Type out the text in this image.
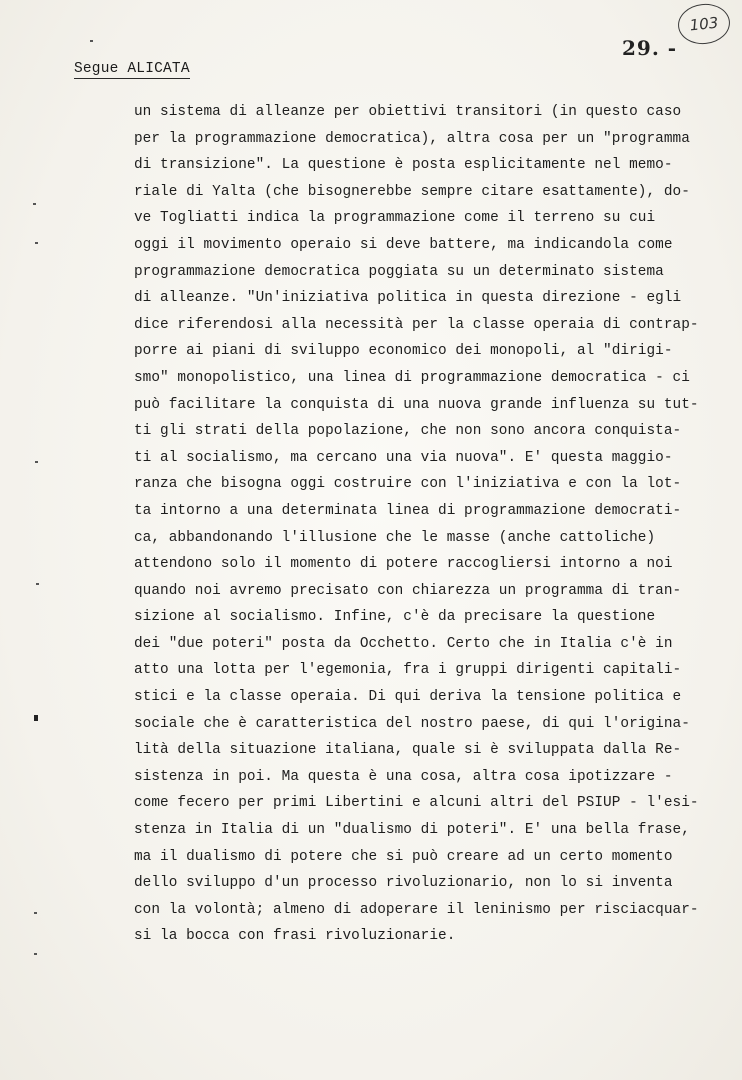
103
29. -
Segue ALICATA
un sistema di alleanze per obiettivi transitori (in questo caso
per la programmazione democratica), altra cosa per un "programma
di transizione". La questione è posta esplicitamente nel memo-
riale di Yalta (che bisognerebbe sempre citare esattamente), do-
ve Togliatti indica la programmazione come il terreno su cui
oggi il movimento operaio si deve battere, ma indicandola come
programmazione democratica poggiata su un determinato sistema
di alleanze. "Un'iniziativa politica in questa direzione - egli
dice riferendosi alla necessità per la classe operaia di contrap-
porre ai piani di sviluppo economico dei monopoli, al "dirigi-
smo" monopolistico, una linea di programmazione democratica - ci
può facilitare la conquista di una nuova grande influenza su tut-
ti gli strati della popolazione, che non sono ancora conquista-
ti al socialismo, ma cercano una via nuova". E' questa maggio-
ranza che bisogna oggi costruire con l'iniziativa e con la lot-
ta intorno a una determinata linea di programmazione democrati-
ca, abbandonando l'illusione che le masse (anche cattoliche)
attendono solo il momento di potere raccogliersi intorno a noi
quando noi avremo precisato con chiarezza un programma di tran-
sizione al socialismo. Infine, c'è da precisare la questione
dei "due poteri" posta da Occhetto. Certo che in Italia c'è in
atto una lotta per l'egemonia, fra i gruppi dirigenti capitali-
stici e la classe operaia. Di qui deriva la tensione politica e
sociale che è caratteristica del nostro paese, di qui l'origina-
lità della situazione italiana, quale si è sviluppata dalla Re-
sistenza in poi. Ma questa è una cosa, altra cosa ipotizzare -
come fecero per primi Libertini e alcuni altri del PSIUP - l'esi-
stenza in Italia di un "dualismo di poteri". E' una bella frase,
ma il dualismo di potere che si può creare ad un certo momento
dello sviluppo d'un processo rivoluzionario, non lo si inventa
con la volontà; almeno di adoperare il leninismo per risciacquar-
si la bocca con frasi rivoluzionarie.
